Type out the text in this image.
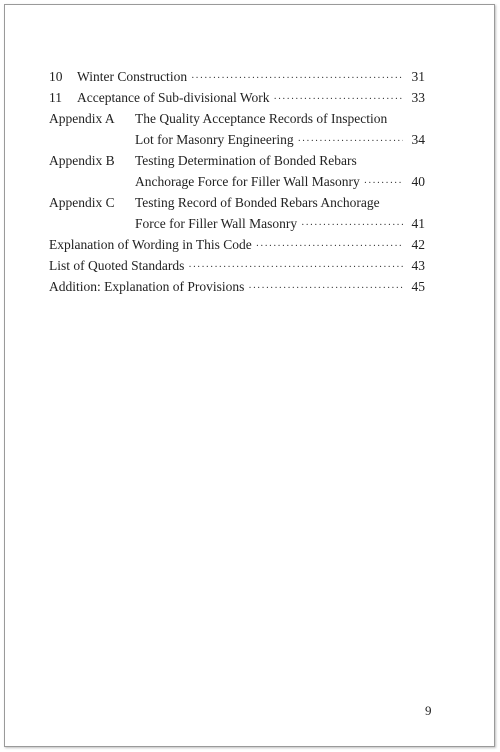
10 Winter Construction ·····	31
11 Acceptance of Sub-divisional Work ·····	33
Appendix A The Quality Acceptance Records of Inspection
Lot for Masonry Engineering ·····	34
Appendix B Testing Determination of Bonded Rebars
Anchorage Force for Filler Wall Masonry ·····	40
Appendix C Testing Record of Bonded Rebars Anchorage
Force for Filler Wall Masonry ·····	41
Explanation of Wording in This Code ·····	42
List of Quoted Standards ·····	43
Addition: Explanation of Provisions ·····	45
9
